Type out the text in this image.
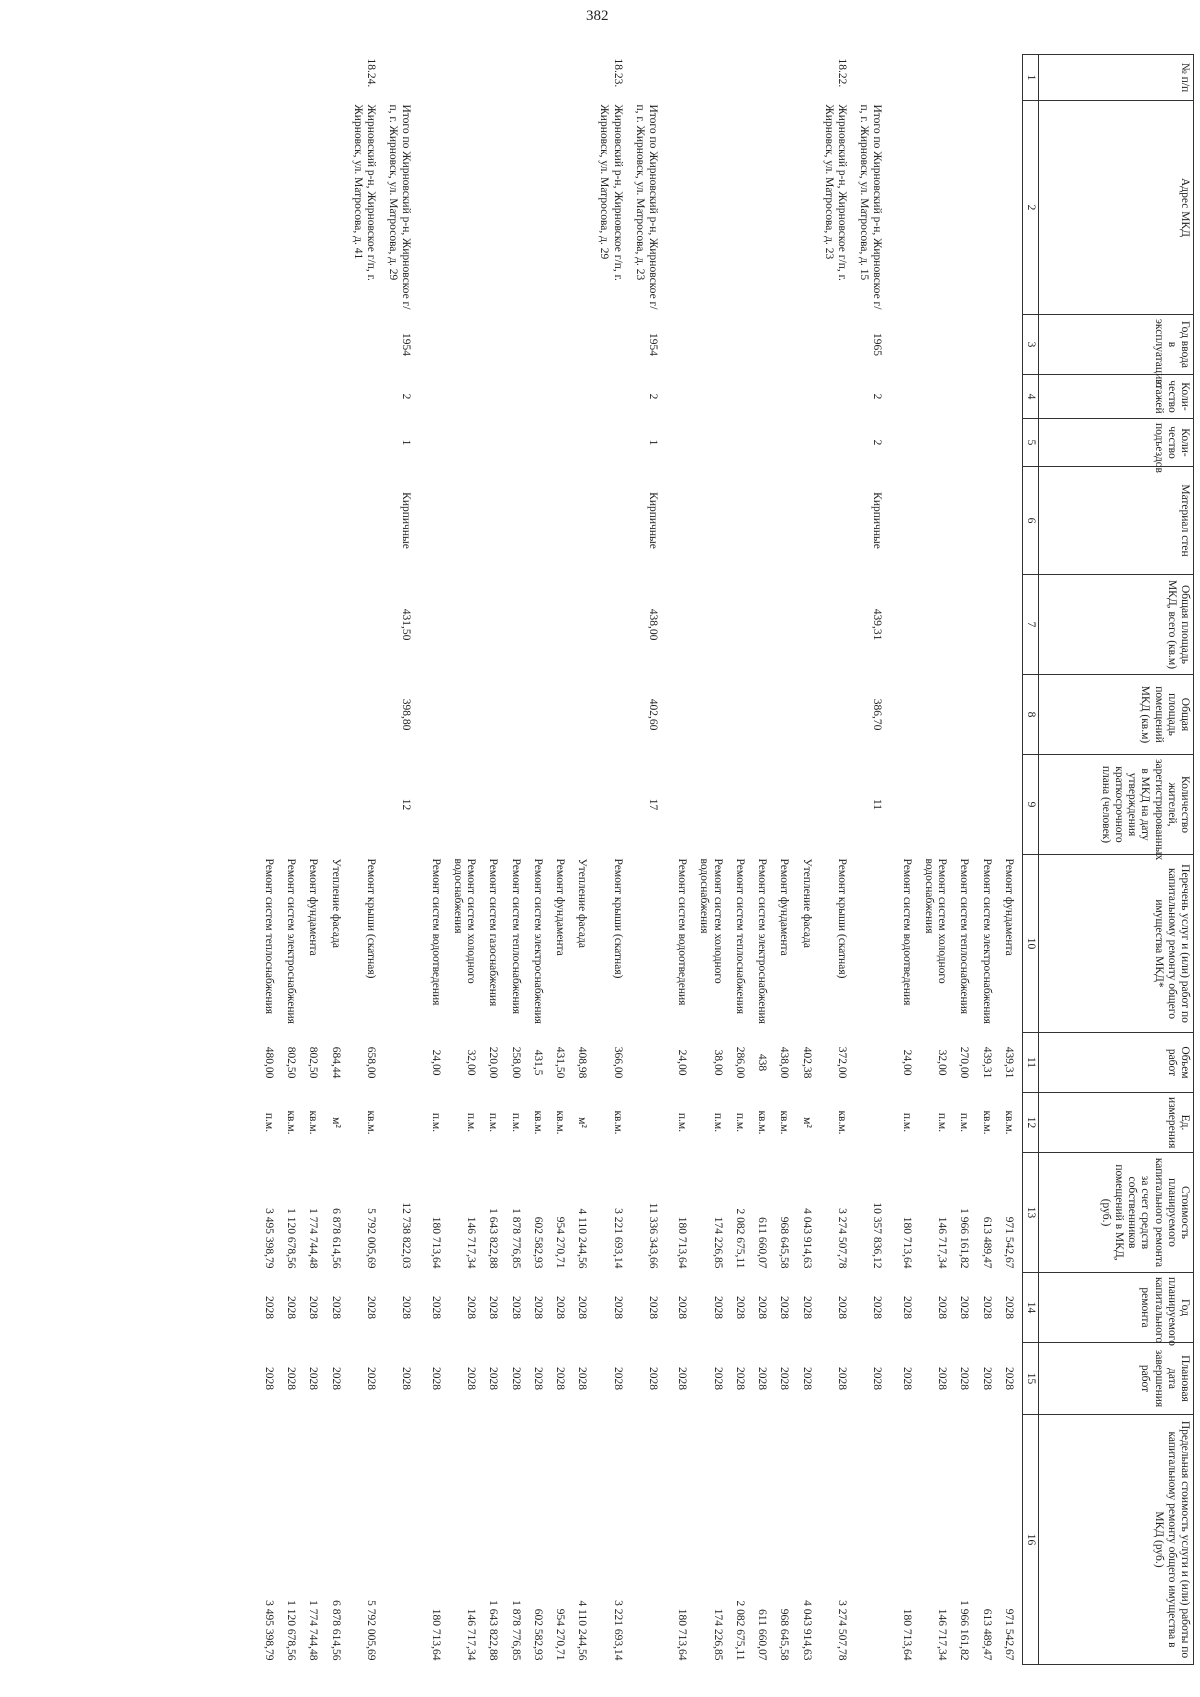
382
№ п/п	Адрес МКД	Год ввода в эксплуатацию	Коли-чество этажей	Коли-чество подъездов	Материал стен	Общая площадь МКД, всего (кв.м)	Общая площадь помещений МКД (кв.м)	Количество жителей, зарегистрированных в МКД на дату утверждения краткосрочного плана (человек)	Перечень услуг и (или) работ по капитальному ремонту общего имущества МКД*	Объем работ	Ед. измерения	Стоимость планируемого капитального ремонта за счет средств собственников помещений в МКД, (руб.)	Год планируемого капитального ремонта	Плановая дата завершения работ	Предельная стоимость услуги и (или) работы по капитальному ремонту общего имущества в МКД (руб.)
1	2	3	4	5	6	7	8	9	10	11	12	13	14	15	16
									Ремонт фундамента	439,31	кв.м.	971 542,67	2028	2028	971 542,67
									Ремонт систем электроснабжения	439,31	кв.м.	613 489,47	2028	2028	613 489,47
									Ремонт систем теплоснабжения	270,00	п.м.	1 966 161,82	2028	2028	1 966 161,82
									Ремонт систем холодного водоснабжения	32,00	п.м.	146 717,34	2028	2028	146 717,34
									Ремонт систем водоотведения	24,00	п.м.	180 713,64	2028	2028	180 713,64
	Итого по Жирновский р-н, Жирновское г/п, г. Жирновск, ул. Матросова, д. 15	1965	2	2	Кирпичные	439,31	386,70	11				10 357 836,12	2028	2028	
18.22.	Жирновский р-н, Жирновское г/п, г. Жирновск, ул. Матросова, д. 23								Ремонт крыши (скатная)	372,00	кв.м.	3 274 507,78	2028	2028	3 274 507,78
									Утепление фасада	402,38	м²	4 043 914,63	2028	2028	4 043 914,63
									Ремонт фундамента	438,00	кв.м.	968 645,58	2028	2028	968 645,58
									Ремонт систем электроснабжения	438	кв.м.	611 660,07	2028	2028	611 660,07
									Ремонт систем теплоснабжения	286,00	п.м.	2 082 675,11	2028	2028	2 082 675,11
									Ремонт систем холодного водоснабжения	38,00	п.м.	174 226,85	2028	2028	174 226,85
									Ремонт систем водоотведения	24,00	п.м.	180 713,64	2028	2028	180 713,64
	Итого по Жирновский р-н, Жирновское г/п, г. Жирновск, ул. Матросова, д. 23	1954	2	1	Кирпичные	438,00	402,60	17				11 336 343,66	2028	2028	
18.23.	Жирновский р-н, Жирновское г/п, г. Жирновск, ул. Матросова, д. 29								Ремонт крыши (скатная)	366,00	кв.м.	3 221 693,14	2028	2028	3 221 693,14
									Утепление фасада	408,98	м²	4 110 244,56	2028	2028	4 110 244,56
									Ремонт фундамента	431,50	кв.м.	954 270,71	2028	2028	954 270,71
									Ремонт систем электроснабжения	431,5	кв.м.	602 582,93	2028	2028	602 582,93
									Ремонт систем теплоснабжения	258,00	п.м.	1 878 776,85	2028	2028	1 878 776,85
									Ремонт систем газоснабжения	220,00	п.м.	1 643 822,88	2028	2028	1 643 822,88
									Ремонт систем холодного водоснабжения	32,00	п.м.	146 717,34	2028	2028	146 717,34
									Ремонт систем водоотведения	24,00	п.м.	180 713,64	2028	2028	180 713,64
	Итого по Жирновский р-н, Жирновское г/п, г. Жирновск, ул. Матросова, д. 29	1954	2	1	Кирпичные	431,50	398,80	12				12 738 822,03	2028	2028	
18.24.	Жирновский р-н, Жирновское г/п, г. Жирновск, ул. Матросова, д. 41								Ремонт крыши (скатная)	658,00	кв.м.	5 792 005,69	2028	2028	5 792 005,69
									Утепление фасада	684,44	м²	6 878 614,56	2028	2028	6 878 614,56
									Ремонт фундамента	802,50	кв.м.	1 774 744,48	2028	2028	1 774 744,48
									Ремонт систем электроснабжения	802,50	кв.м.	1 120 678,56	2028	2028	1 120 678,56
									Ремонт систем теплоснабжения	480,00	п.м.	3 495 398,79	2028	2028	3 495 398,79
